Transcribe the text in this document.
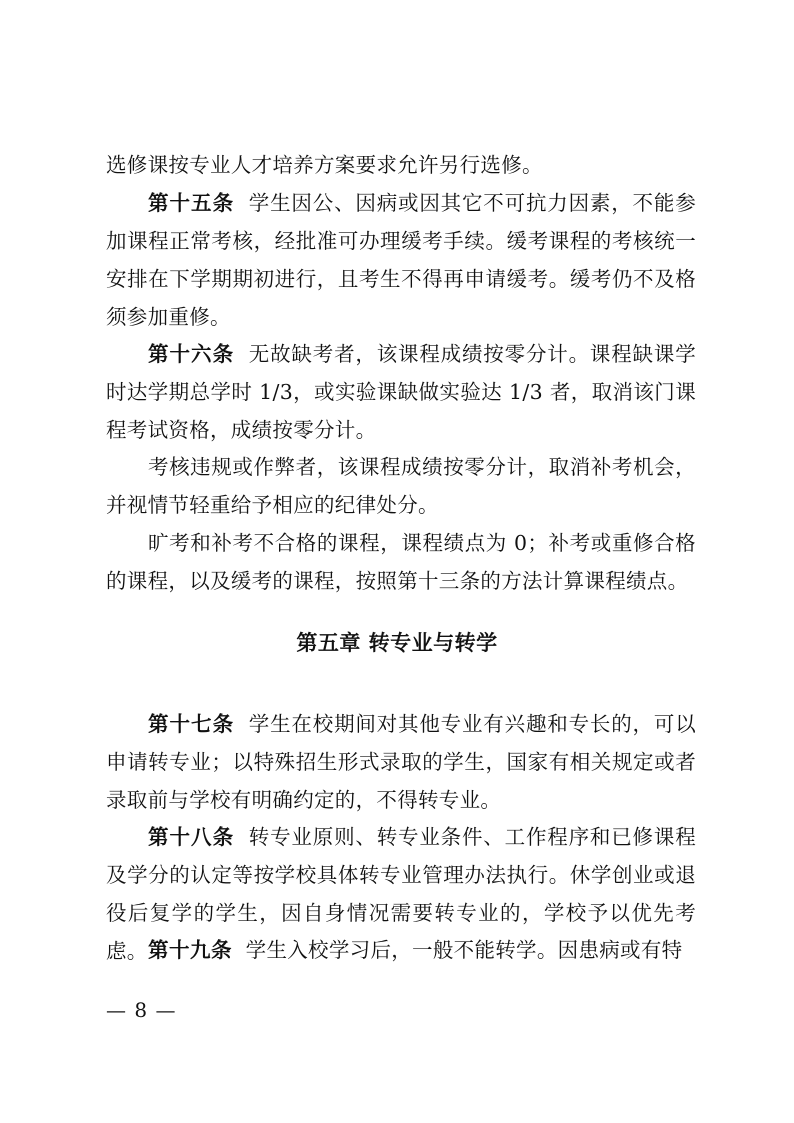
选修课按专业人才培养方案要求允许另行选修。

第十五条 学生因公、因病或因其它不可抗力因素，不能参加课程正常考核，经批准可办理缓考手续。缓考课程的考核统一安排在下学期期初进行，且考生不得再申请缓考。缓考仍不及格须参加重修。

第十六条 无故缺考者，该课程成绩按零分计。课程缺课学时达学期总学时 1/3，或实验课缺做实验达 1/3 者，取消该门课程考试资格，成绩按零分计。

考核违规或作弊者，该课程成绩按零分计，取消补考机会，并视情节轻重给予相应的纪律处分。

旷考和补考不合格的课程，课程绩点为 0；补考或重修合格的课程，以及缓考的课程，按照第十三条的方法计算课程绩点。

第五章 转专业与转学

第十七条 学生在校期间对其他专业有兴趣和专长的，可以申请转专业；以特殊招生形式录取的学生，国家有相关规定或者录取前与学校有明确约定的，不得转专业。

第十八条 转专业原则、转专业条件、工作程序和已修课程及学分的认定等按学校具体转专业管理办法执行。休学创业或退役后复学的学生，因自身情况需要转专业的，学校予以优先考虑。 第十九条 学生入校学习后，一般不能转学。因患病或有特

— 8 —
